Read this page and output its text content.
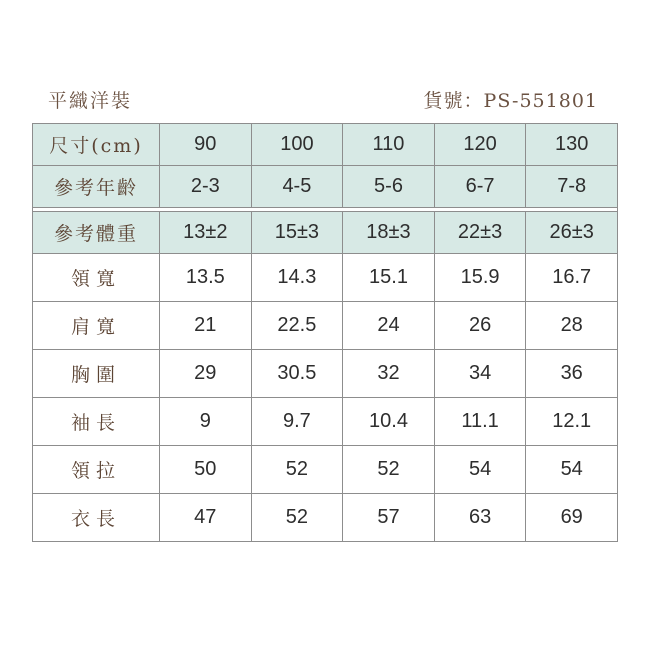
平織洋裝	貨號：PS-551801
尺寸(cm)	90	100	110	120	130
參考年齡	2-3	4-5	5-6	6-7	7-8

參考體重	13±2	15±3	18±3	22±3	26±3
領寬	13.5	14.3	15.1	15.9	16.7
肩寬	21	22.5	24	26	28
胸圍	29	30.5	32	34	36
袖長	9	9.7	10.4	11.1	12.1
領拉	50	52	52	54	54
衣長	47	52	57	63	69
